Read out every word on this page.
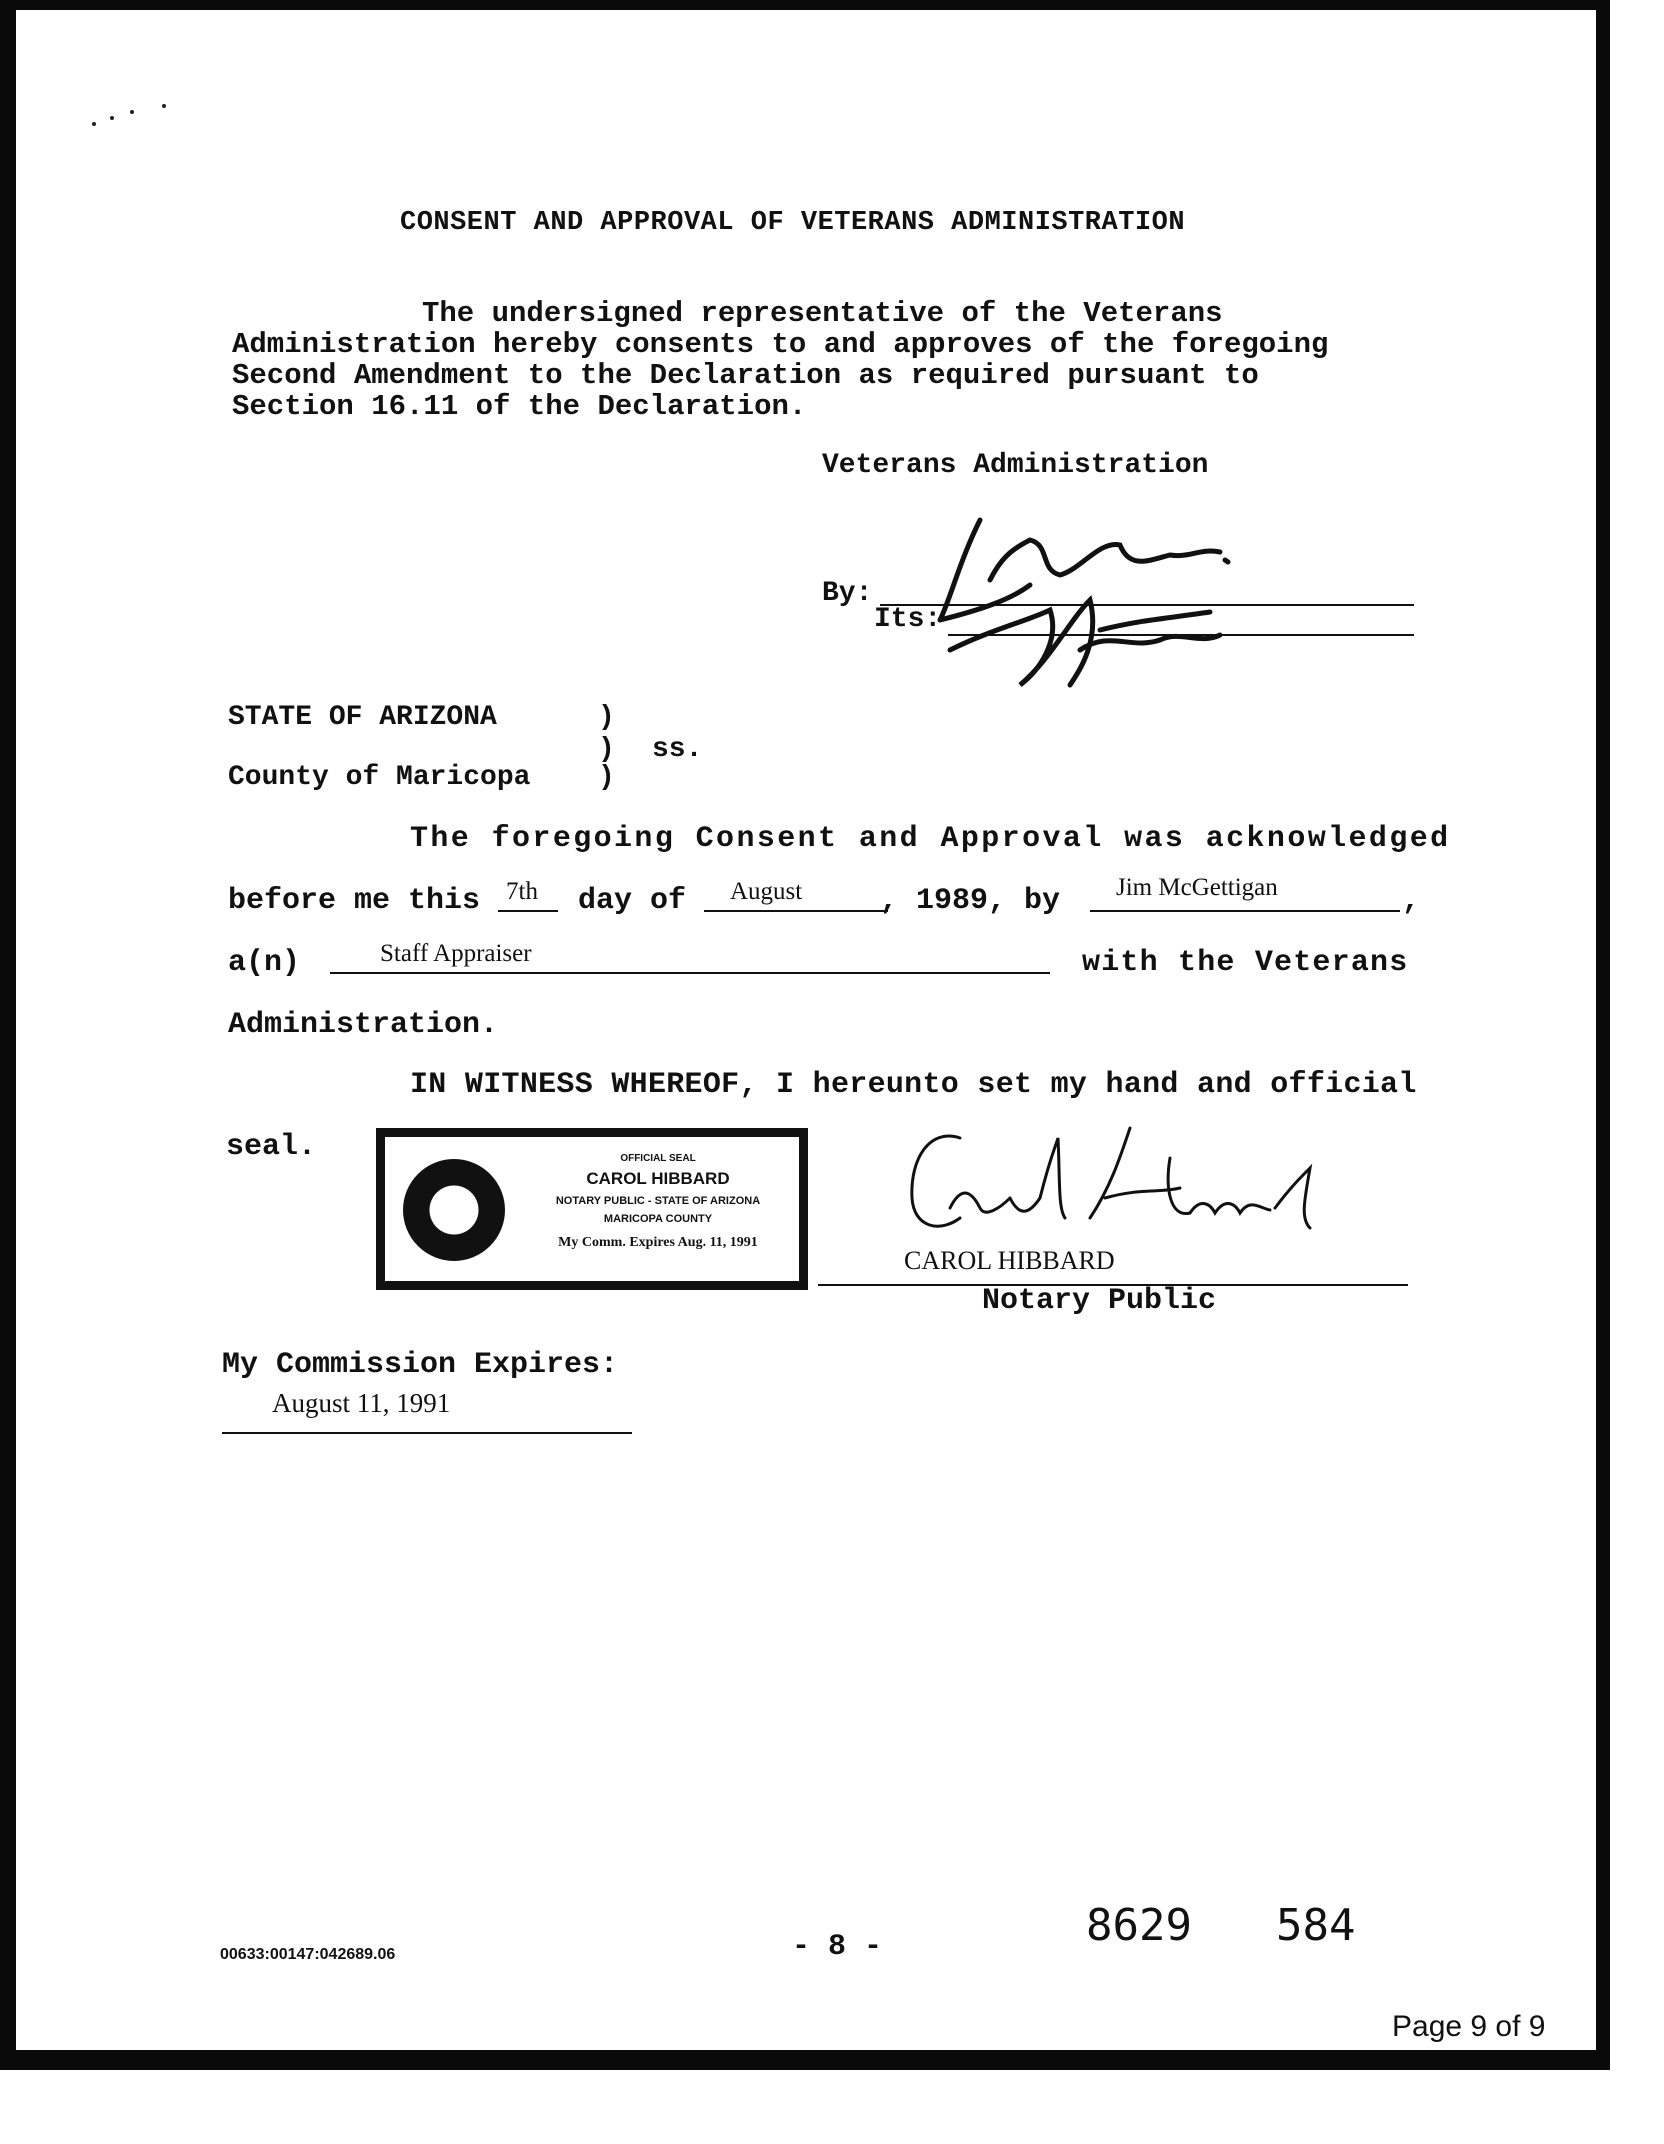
CONSENT AND APPROVAL OF VETERANS ADMINISTRATION
The undersigned representative of the Veterans
Administration hereby consents to and approves of the foregoing
Second Amendment to the Declaration as required pursuant to
Section 16.11 of the Declaration.
Veterans Administration
By:
Its:
STATE OF ARIZONA	)
) ss.
County of Maricopa )
The foregoing Consent and Approval was acknowledged
before me this 7th day of August	, 1989, by Jim McGettigan	,
a(n)	Staff Appraiser	with the Veterans
Administration.
IN WITNESS WHEREOF, I hereunto set my hand and official
seal.	OFFICIAL SEAL
CAROL HIBBARD
NOTARY PUBLIC - STATE OF ARIZONA
MARICOPA COUNTY
My Comm. Expires Aug. 11, 1991
CAROL HIBBARD
Notary Public
My Commission Expires:
August 11, 1991
00633:00147:042689.06	- 8 -	8629 584
Page 9 of 9
